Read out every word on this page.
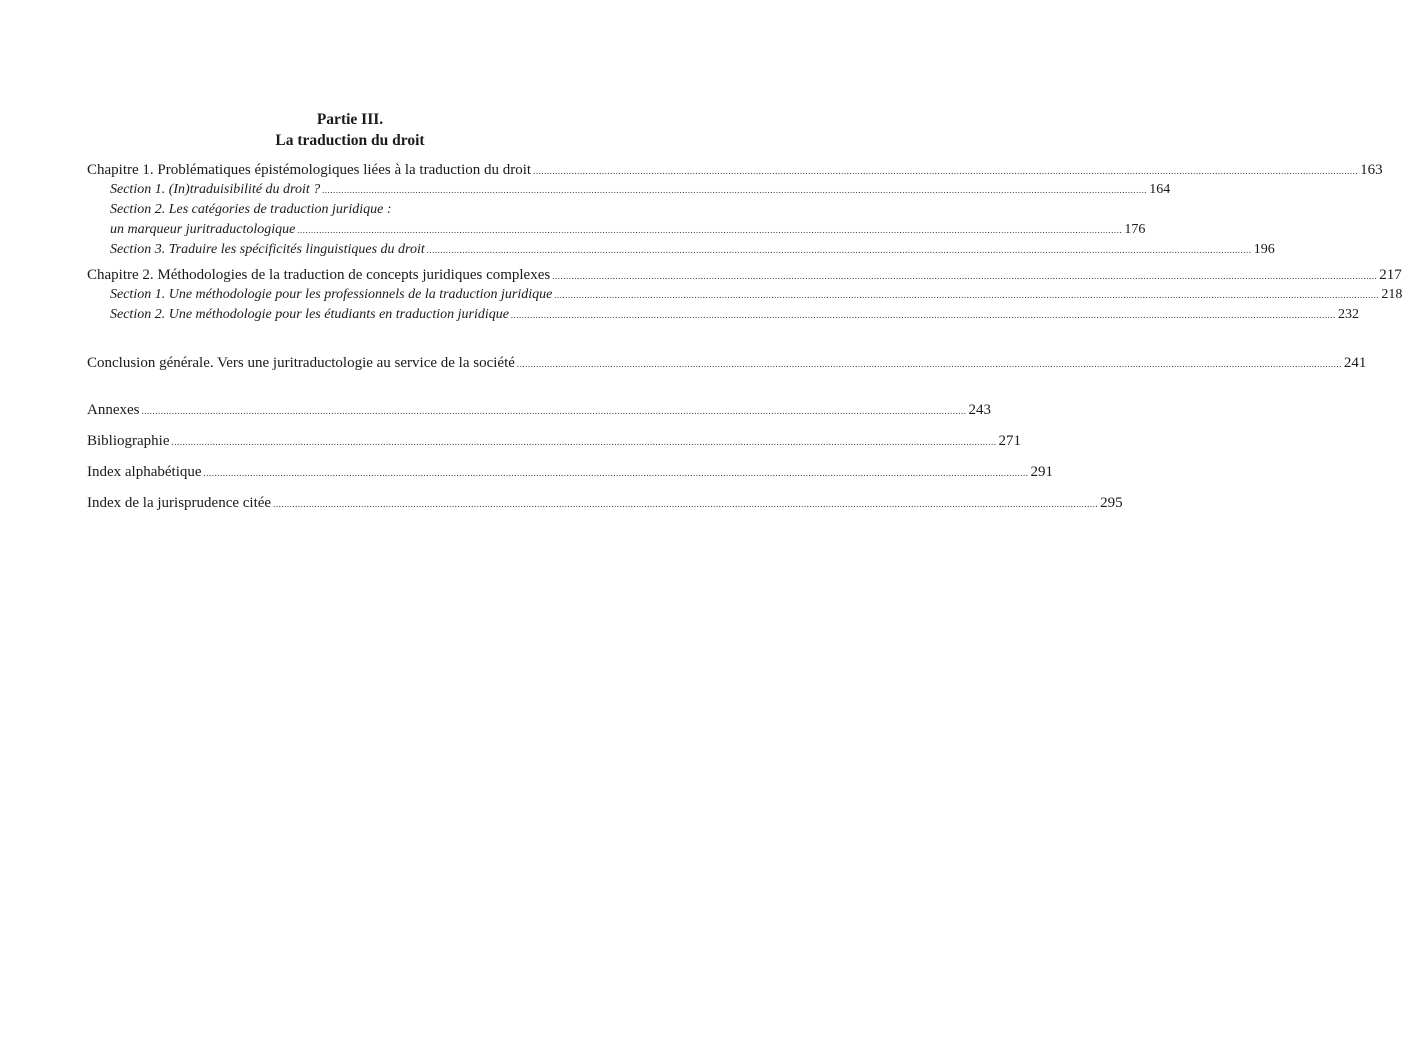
Partie III.
La traduction du droit
Chapitre 1. Problématiques épistémologiques liées à la traduction du droit ............................................................................................................................................................................................................................................................................................................ 163
Section 1. (In)traduisibilité du droit ? ............................................................................................................................................................................................................................................................................................................ 164
Section 2. Les catégories de traduction juridique :
un marqueur juritraductologique ............................................................................................................................................................................................................................................................................................................ 176
Section 3. Traduire les spécificités linguistiques du droit ............................................................................................................................................................................................................................................................................................................ 196
Chapitre 2. Méthodologies de la traduction de concepts juridiques complexes ............................................................................................................................................................................................................................................................................................................ 217
Section 1. Une méthodologie pour les professionnels de la traduction juridique ............................................................................................................................................................................................................................................................................................................ 218
Section 2. Une méthodologie pour les étudiants en traduction juridique ............................................................................................................................................................................................................................................................................................................ 232
Conclusion générale. Vers une juritraductologie au service de la société ............................................................................................................................................................................................................................................................................................................ 241
Annexes ............................................................................................................................................................................................................................................................................................................ 243
Bibliographie ............................................................................................................................................................................................................................................................................................................ 271
Index alphabétique ............................................................................................................................................................................................................................................................................................................ 291
Index de la jurisprudence citée ............................................................................................................................................................................................................................................................................................................ 295
